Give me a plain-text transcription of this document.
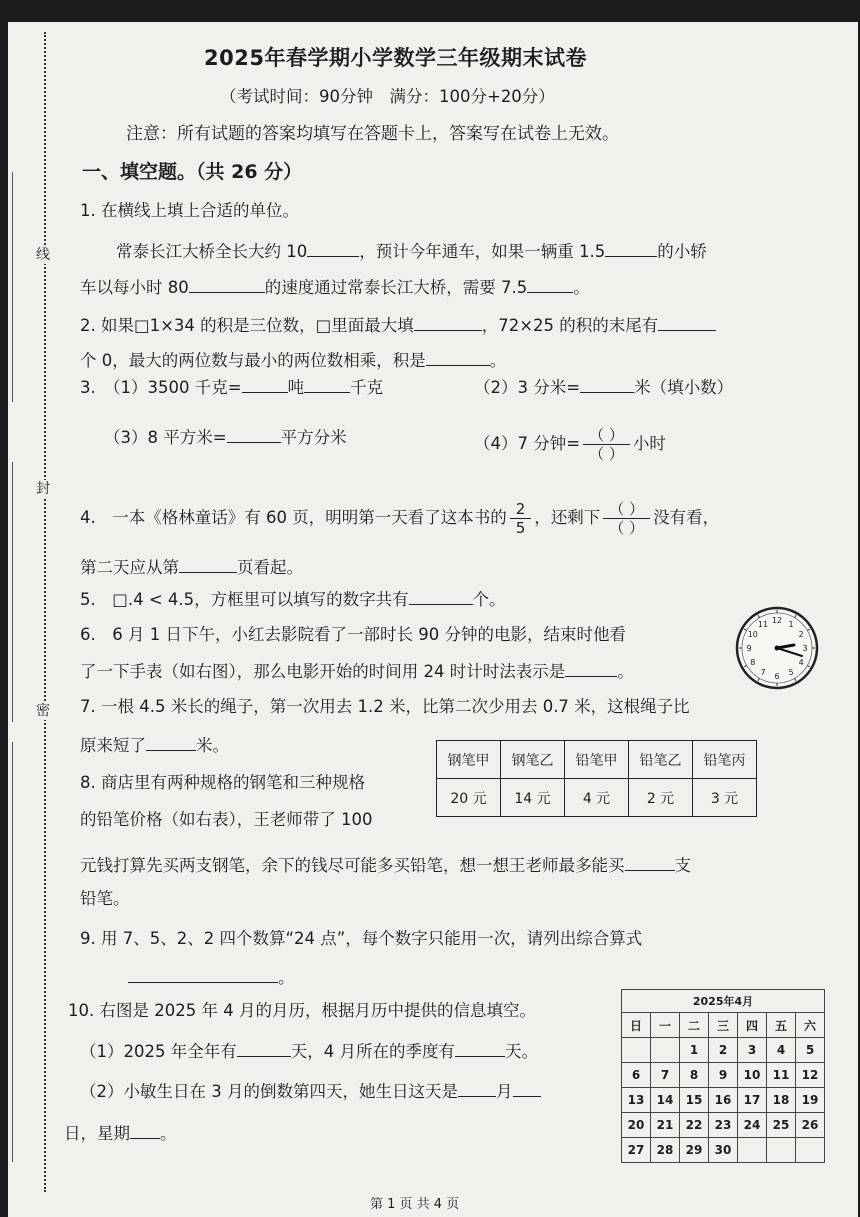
线
封
密
2025年春学期小学数学三年级期末试卷
（考试时间：90分钟　满分：100分+20分）
注意：所有试题的答案均填写在答题卡上，答案写在试卷上无效。
一、填空题。（共 26 分）
1. 在横线上填上合适的单位。
常泰长江大桥全长大约 10	，预计今年通车，如果一辆重 1.5	的小轿
车以每小时 80	的速度通过常泰长江大桥，需要 7.5	。
2. 如果□1×34 的积是三位数，□里面最大填	，72×25 的积的末尾有
个 0，最大的两位数与最小的两位数相乘，积是	。
3.　（1）3500 千克=	吨	千克	（2）3 分米=	米（填小数）
（3）8 平方米=	平方分米	（4）7 分钟= $\frac{( )}{( )}$ 小时
4.　一本《格林童话》有 60 页，明明第一天看了这本书的 $\frac{2}{5}$ ，还剩下 $\frac{( )}{( )}$ 没有看，
第二天应从第	页看起。
5.　□.4 < 4.5，方框里可以填写的数字共有	个。
6.　6 月 1 日下午，小红去影院看了一部时长 90 分钟的电影，结束时他看
了一下手表（如右图），那么电影开始的时间用 24 时计时法表示是	。
12 1
2
3
4
5
6
7
8
9
10
11
7. 一根 4.5 米长的绳子，第一次用去 1.2 米，比第二次少用去 0.7 米，这根绳子比
原来短了	米。
8. 商店里有两种规格的钢笔和三种规格
的铅笔价格（如右表），王老师带了 100
元钱打算先买两支钢笔，余下的钱尽可能多买铅笔，想一想王老师最多能买	支
铅笔。
钢笔甲	钢笔乙	铅笔甲	铅笔乙	铅笔丙
20 元	14 元	4 元	2 元	3 元
9. 用 7、5、2、2 四个数算“24 点”，每个数字只能用一次，请列出综合算式
。
10. 右图是 2025 年 4 月的月历，根据月历中提供的信息填空。
（1）2025 年全年有	天，4 月所在的季度有	天。
（2）小敏生日在 3 月的倒数第四天，她生日这天是 月
日，星期 。
2025年4月						
日	一	二	三	四	五	六
		1	2	3	4	5
6	7	8	9	10	11	12
13	14	15	16	17	18	19
20	21	22	23	24	25	26
27	28	29	30			
第 1 页 共 4 页
